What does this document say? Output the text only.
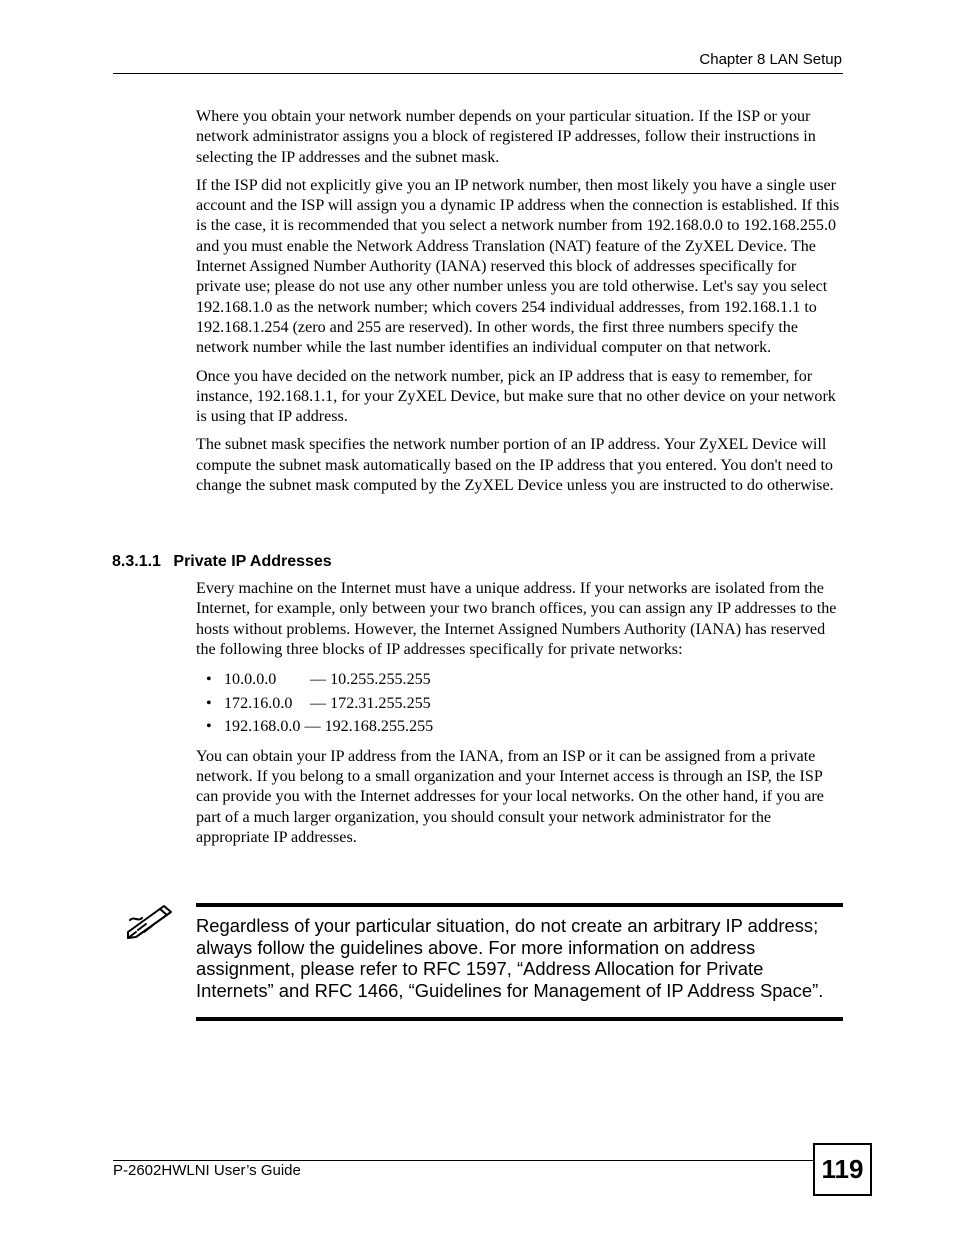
Chapter 8 LAN Setup

Where you obtain your network number depends on your particular situation. If the ISP or your network administrator assigns you a block of registered IP addresses, follow their instructions in selecting the IP addresses and the subnet mask.

If the ISP did not explicitly give you an IP network number, then most likely you have a single user account and the ISP will assign you a dynamic IP address when the connection is established. If this is the case, it is recommended that you select a network number from 192.168.0.0 to 192.168.255.0 and you must enable the Network Address Translation (NAT) feature of the ZyXEL Device. The Internet Assigned Number Authority (IANA) reserved this block of addresses specifically for private use; please do not use any other number unless you are told otherwise. Let's say you select 192.168.1.0 as the network number; which covers 254 individual addresses, from 192.168.1.1 to 192.168.1.254 (zero and 255 are reserved). In other words, the first three numbers specify the network number while the last number identifies an individual computer on that network.

Once you have decided on the network number, pick an IP address that is easy to remember, for instance, 192.168.1.1, for your ZyXEL Device, but make sure that no other device on your network is using that IP address.

The subnet mask specifies the network number portion of an IP address. Your ZyXEL Device will compute the subnet mask automatically based on the IP address that you entered. You don't need to change the subnet mask computed by the ZyXEL Device unless you are instructed to do otherwise.

8.3.1.1 Private IP Addresses

Every machine on the Internet must have a unique address. If your networks are isolated from the Internet, for example, only between your two branch offices, you can assign any IP addresses to the hosts without problems. However, the Internet Assigned Numbers Authority (IANA) has reserved the following three blocks of IP addresses specifically for private networks:

• 10.0.0.0 — 10.255.255.255
• 172.16.0.0 — 172.31.255.255
• 192.168.0.0 — 192.168.255.255

You can obtain your IP address from the IANA, from an ISP or it can be assigned from a private network. If you belong to a small organization and your Internet access is through an ISP, the ISP can provide you with the Internet addresses for your local networks. On the other hand, if you are part of a much larger organization, you should consult your network administrator for the appropriate IP addresses.

Regardless of your particular situation, do not create an arbitrary IP address; always follow the guidelines above. For more information on address assignment, please refer to RFC 1597, “Address Allocation for Private Internets” and RFC 1466, “Guidelines for Management of IP Address Space”.
P-2602HWLNI User’s Guide	119
